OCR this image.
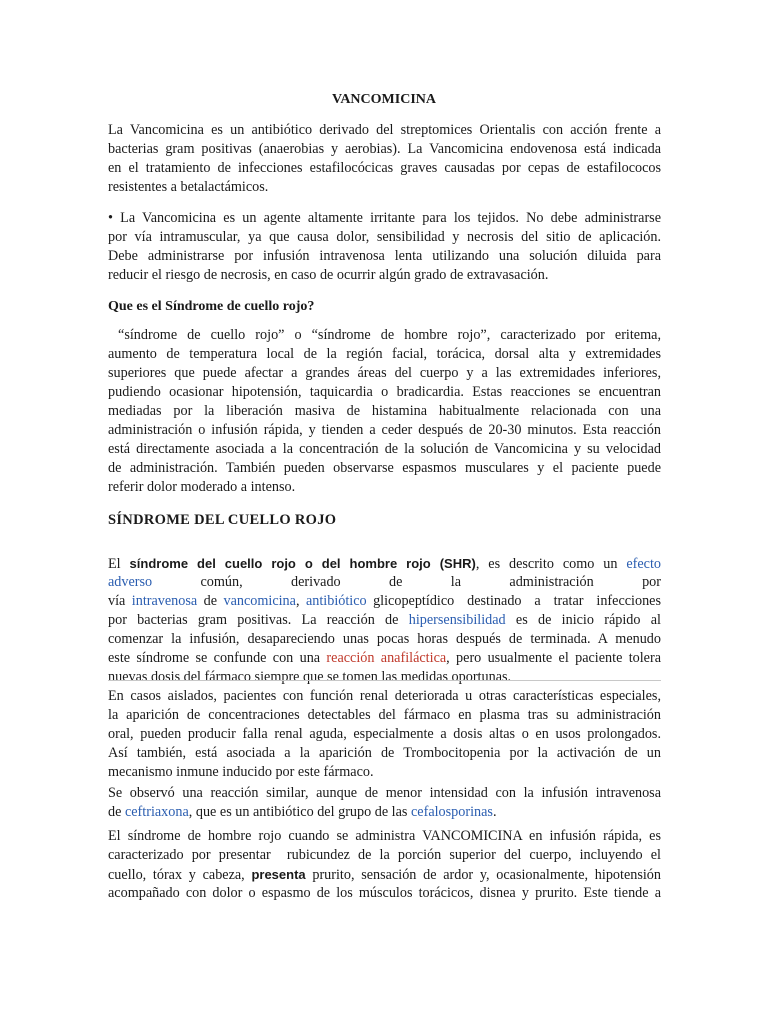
VANCOMICINA
La Vancomicina es un antibiótico derivado del streptomices Orientalis con acción frente a
bacterias gram positivas (anaerobias y aerobias). La Vancomicina endovenosa está indicada
en el tratamiento de infecciones estafilocócicas graves causadas por cepas de estafilococos
resistentes a betalactámicos.
• La Vancomicina es un agente altamente irritante para los tejidos. No debe administrarse
por vía intramuscular, ya que causa dolor, sensibilidad y necrosis del sitio de aplicación.
Debe administrarse por infusión intravenosa lenta utilizando una solución diluida para
reducir el riesgo de necrosis, en caso de ocurrir algún grado de extravasación.
Que es el Síndrome de cuello rojo?
“síndrome de cuello rojo” o “síndrome de hombre rojo”, caracterizado por eritema,
aumento de temperatura local de la región facial, torácica, dorsal alta y extremidades
superiores que puede afectar a grandes áreas del cuerpo y a las extremidades inferiores,
pudiendo ocasionar hipotensión, taquicardia o bradicardia. Estas reacciones se encuentran
mediadas por la liberación masiva de histamina habitualmente relacionada con una
administración o infusión rápida, y tienden a ceder después de 20-30 minutos. Esta reacción
está directamente asociada a la concentración de la solución de Vancomicina y su velocidad
de administración. También pueden observarse espasmos musculares y el paciente puede
referir dolor moderado a intenso.
SÍNDROME DEL CUELLO ROJO
El síndrome del cuello rojo o del hombre rojo (SHR), es descrito como un efecto
adverso común,	derivado	de	la	administración	por
vía intravenosa de vancomicina, antibiótico glicopeptídico  destinado  a  tratar  infecciones
por bacterias gram positivas. La reacción de hipersensibilidad es de inicio rápido al
comenzar la infusión, desapareciendo unas pocas horas después de terminada. A menudo
este síndrome se confunde con una reacción anafiláctica, pero usualmente el paciente tolera
nuevas dosis del fármaco siempre que se tomen las medidas oportunas.
En casos aislados, pacientes con función renal deteriorada u otras características especiales,
la aparición de concentraciones detectables del fármaco en plasma tras su administración
oral, pueden producir falla renal aguda, especialmente a dosis altas o en usos prolongados.
Así también, está asociada a la aparición de Trombocitopenia por la activación de un
mecanismo inmune inducido por este fármaco.
Se observó una reacción similar, aunque de menor intensidad con la infusión intravenosa
de ceftriaxona, que es un antibiótico del grupo de las cefalosporinas.
El síndrome de hombre rojo cuando se administra VANCOMICINA en infusión rápida, es
caracterizado por presentar  rubicundez de la porción superior del cuerpo, incluyendo el
cuello, tórax y cabeza, presenta prurito, sensación de ardor y, ocasionalmente, hipotensión
acompañado con dolor o espasmo de los músculos torácicos, disnea y prurito. Este tiende a
